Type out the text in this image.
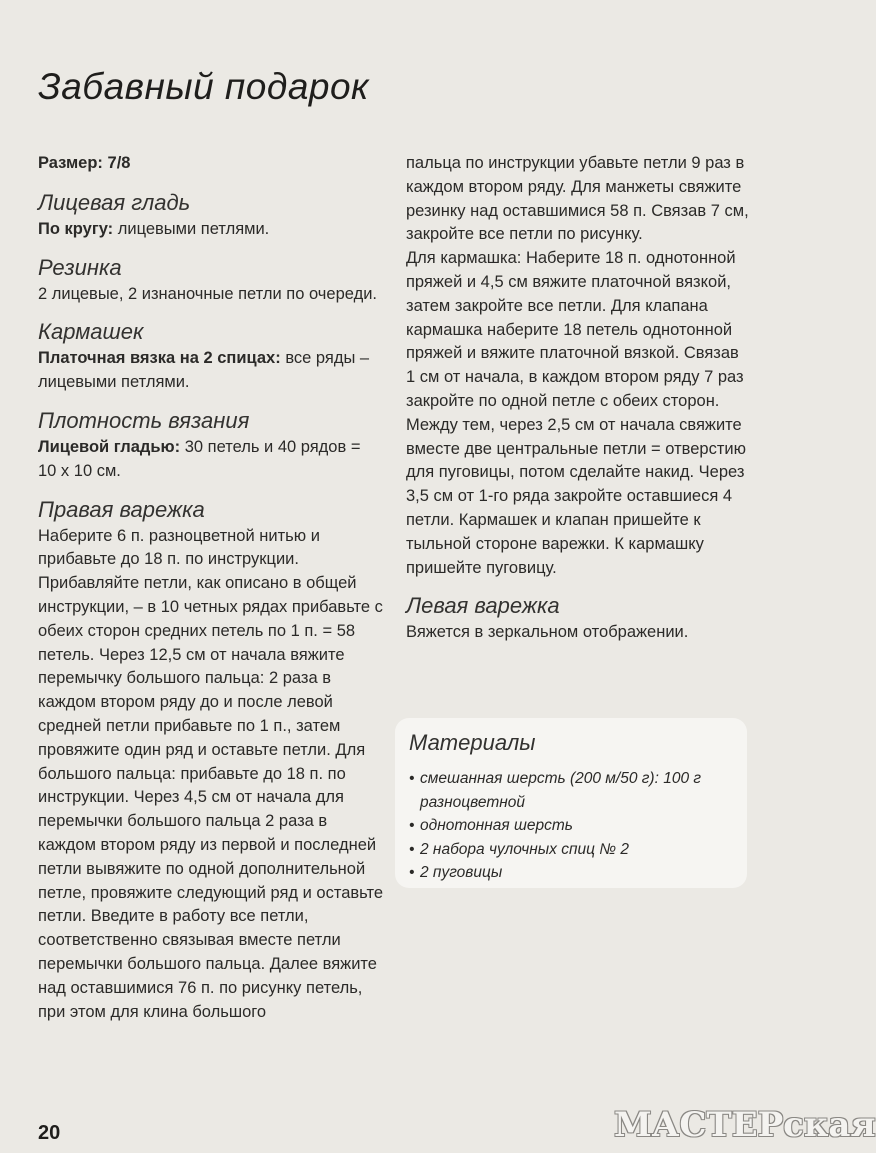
Забавный подарок

Размер: 7/8

Лицевая гладь

По кругу: лицевыми петлями.

Резинка

2 лицевые, 2 изнаночные петли по очереди.

Кармашек

Платочная вязка на 2 спицах: все ряды – лицевыми петлями.

Плотность вязания

Лицевой гладью: 30 петель и 40 рядов = 10 х 10 см.

Правая варежка

Наберите 6 п. разноцветной нитью и прибавьте до 18 п. по инструкции. Прибавляйте петли, как описано в общей инструкции, – в 10 четных рядах прибавьте с обеих сторон средних петель по 1 п. = 58 петель. Через 12,5 см от начала вяжите перемычку большого пальца: 2 раза в каждом втором ряду до и после левой средней петли прибавьте по 1 п., затем провяжите один ряд и оставьте петли. Для большого пальца: прибавьте до 18 п. по инструкции. Через 4,5 см от начала для перемычки большого пальца 2 раза в каждом втором ряду из первой и последней петли вывяжите по одной дополнительной петле, провяжите следующий ряд и оставьте петли. Введите в работу все петли, соответственно связывая вместе петли перемычки большого пальца. Далее вяжите над оставшимися 76 п. по рисунку петель, при этом для клина большого

пальца по инструкции убавьте петли 9 раз в каждом втором ряду. Для манжеты свяжите резинку над оставшимися 58 п. Связав 7 см, закройте все петли по рисунку.

Для кармашка: Наберите 18 п. однотонной пряжей и 4,5 см вяжите платочной вязкой, затем закройте все петли. Для клапана кармашка наберите 18 петель однотонной пряжей и вяжите платочной вязкой. Связав 1 см от начала, в каждом втором ряду 7 раз закройте по одной петле с обеих сторон. Между тем, через 2,5 см от начала свяжите вместе две центральные петли = отверстию для пуговицы, потом сделайте накид. Через 3,5 см от 1-го ряда закройте оставшиеся 4 петли. Кармашек и клапан пришейте к тыльной стороне варежки. К кармашку пришейте пуговицу.

Левая варежка

Вяжется в зеркальном отображении.

Материалы
• смешанная шерсть (200 м/50 г): 100 г разноцветной
• однотонная шерсть
• 2 набора чулочных спиц № 2
• 2 пуговицы
20	МАСТЕРская
